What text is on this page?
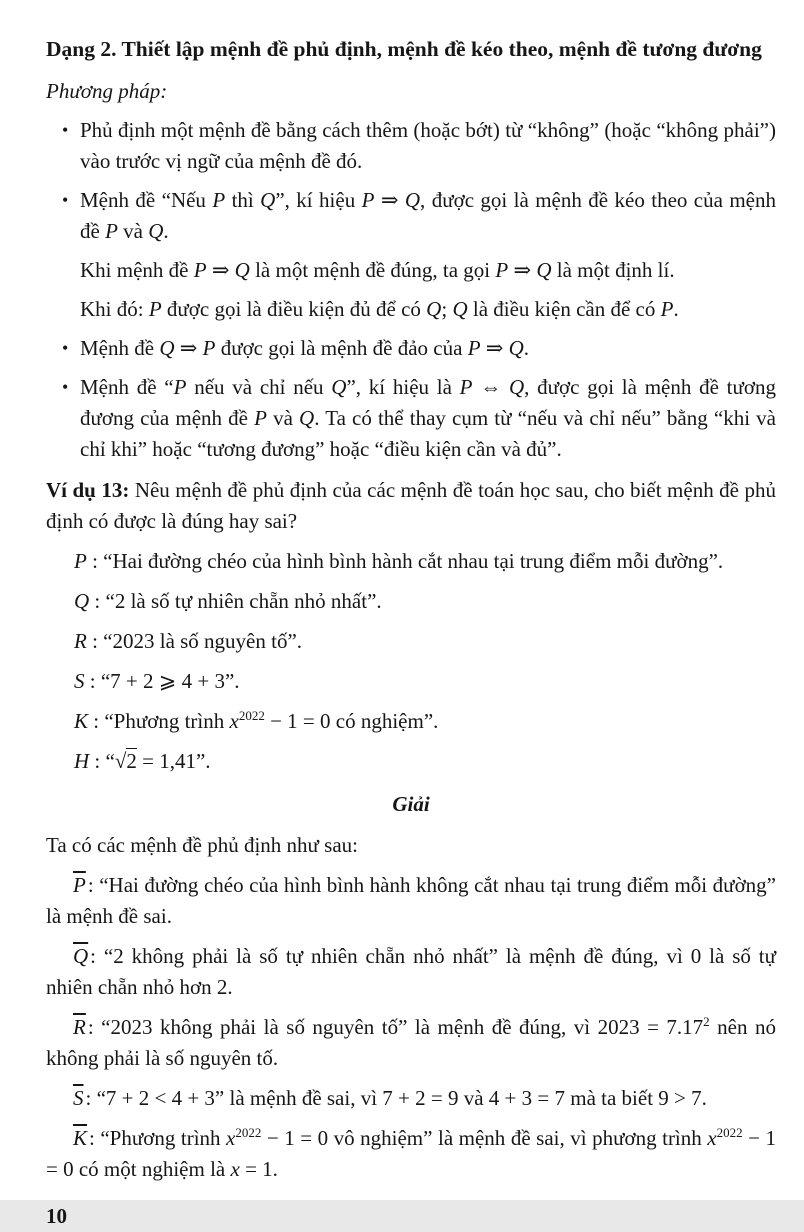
Dạng 2. Thiết lập mệnh đề phủ định, mệnh đề kéo theo, mệnh đề tương đương
Phương pháp:
• Phủ định một mệnh đề bằng cách thêm (hoặc bớt) từ “không” (hoặc “không phải”) vào trước vị ngữ của mệnh đề đó.
• Mệnh đề “Nếu P thì Q”, kí hiệu P ⇒ Q, được gọi là mệnh đề kéo theo của mệnh đề P và Q.
Khi mệnh đề P ⇒ Q là một mệnh đề đúng, ta gọi P ⇒ Q là một định lí.
Khi đó: P được gọi là điều kiện đủ để có Q; Q là điều kiện cần để có P.
• Mệnh đề Q ⇒ P được gọi là mệnh đề đảo của P ⇒ Q.
• Mệnh đề “P nếu và chỉ nếu Q”, kí hiệu là P ⇔ Q, được gọi là mệnh đề tương đương của mệnh đề P và Q. Ta có thể thay cụm từ “nếu và chỉ nếu” bằng “khi và chỉ khi” hoặc “tương đương” hoặc “điều kiện cần và đủ”.
Ví dụ 13: Nêu mệnh đề phủ định của các mệnh đề toán học sau, cho biết mệnh đề phủ định có được là đúng hay sai?
P : “Hai đường chéo của hình bình hành cắt nhau tại trung điểm mỗi đường”.
Q : “2 là số tự nhiên chẵn nhỏ nhất”.
R : “2023 là số nguyên tố”.
S : “7 + 2 ⩾ 4 + 3”.
K : “Phương trình $x^{2022} - 1 = 0$ có nghiệm”.
H : “√2 = 1,41”.
Giải
Ta có các mệnh đề phủ định như sau:
$\overline{P}$: “Hai đường chéo của hình bình hành không cắt nhau tại trung điểm mỗi đường” là mệnh đề sai.
$\overline{Q}$: “2 không phải là số tự nhiên chẵn nhỏ nhất” là mệnh đề đúng, vì 0 là số tự nhiên chẵn nhỏ hơn 2.
$\overline{R}$: “2023 không phải là số nguyên tố” là mệnh đề đúng, vì $2023 = 7.17^2$ nên nó không phải là số nguyên tố.
$\overline{S}$: “7 + 2 < 4 + 3” là mệnh đề sai, vì 7 + 2 = 9 và 4 + 3 = 7 mà ta biết 9 > 7.
$\overline{K}$: “Phương trình $x^{2022} - 1 = 0$ vô nghiệm” là mệnh đề sai, vì phương trình $x^{2022} - 1 = 0$ có một nghiệm là x = 1.
10
